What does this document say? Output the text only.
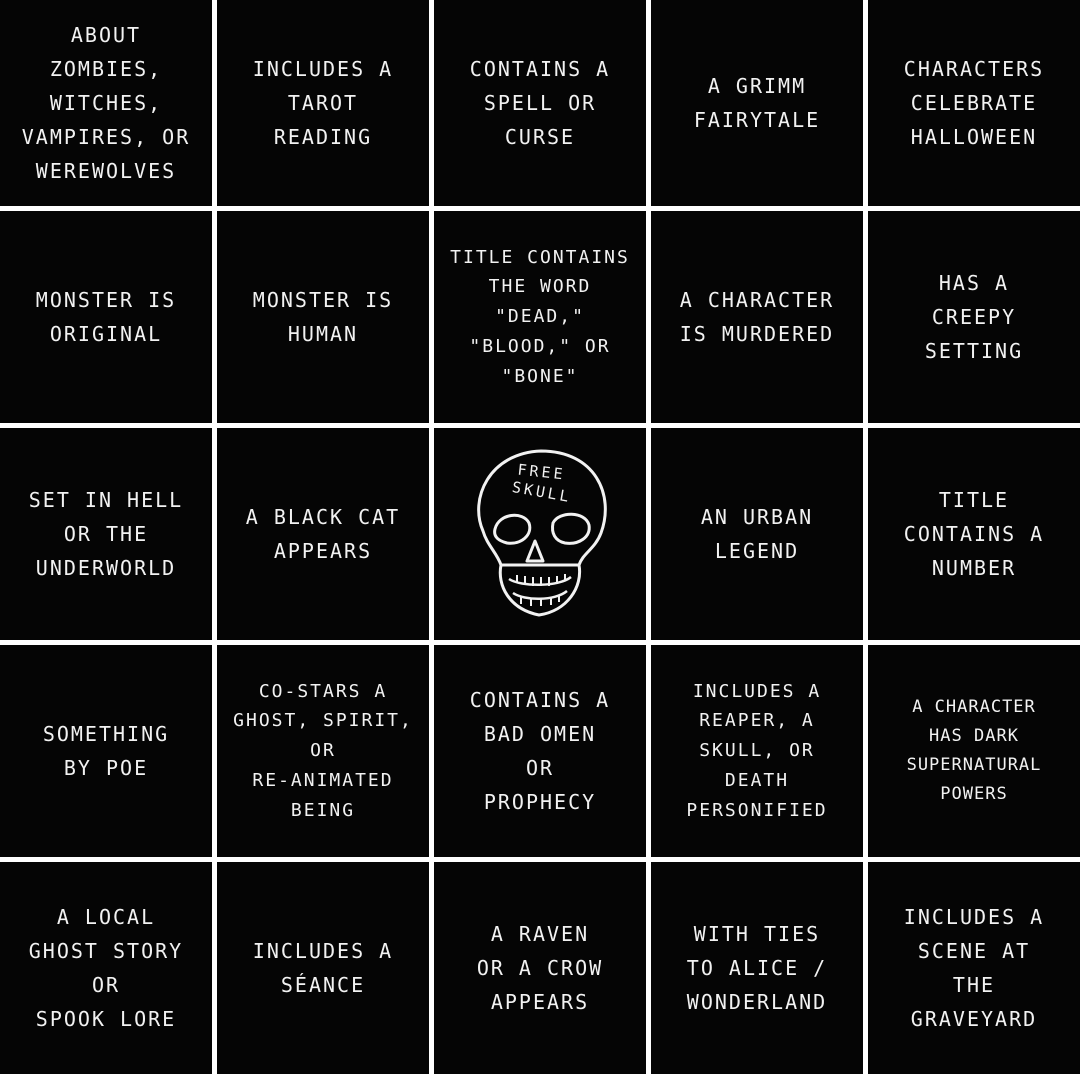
ABOUT ZOMBIES,
WITCHES,
VAMPIRES, OR
WEREWOLVES
INCLUDES A
TAROT
READING
CONTAINS A
SPELL OR
CURSE
A GRIMM
FAIRYTALE
CHARACTERS
CELEBRATE
HALLOWEEN
MONSTER IS
ORIGINAL
MONSTER IS
HUMAN
TITLE CONTAINS
THE WORD
"DEAD,"
"BLOOD," OR
"BONE"
A CHARACTER
IS MURDERED
HAS A
CREEPY
SETTING
SET IN HELL
OR THE
UNDERWORLD
A BLACK CAT
APPEARS
FREE
SKULL
AN URBAN
LEGEND
TITLE
CONTAINS A
NUMBER
SOMETHING
BY POE
CO-STARS A
GHOST, SPIRIT,
OR
RE-ANIMATED
BEING
CONTAINS A
BAD OMEN
OR
PROPHECY
INCLUDES A
REAPER, A
SKULL, OR
DEATH
PERSONIFIED
A CHARACTER
HAS DARK
SUPERNATURAL
POWERS
A LOCAL
GHOST STORY
OR
SPOOK LORE
INCLUDES A
SÉANCE
A RAVEN
OR A CROW
APPEARS
WITH TIES
TO ALICE /
WONDERLAND
INCLUDES A
SCENE AT
THE
GRAVEYARD
